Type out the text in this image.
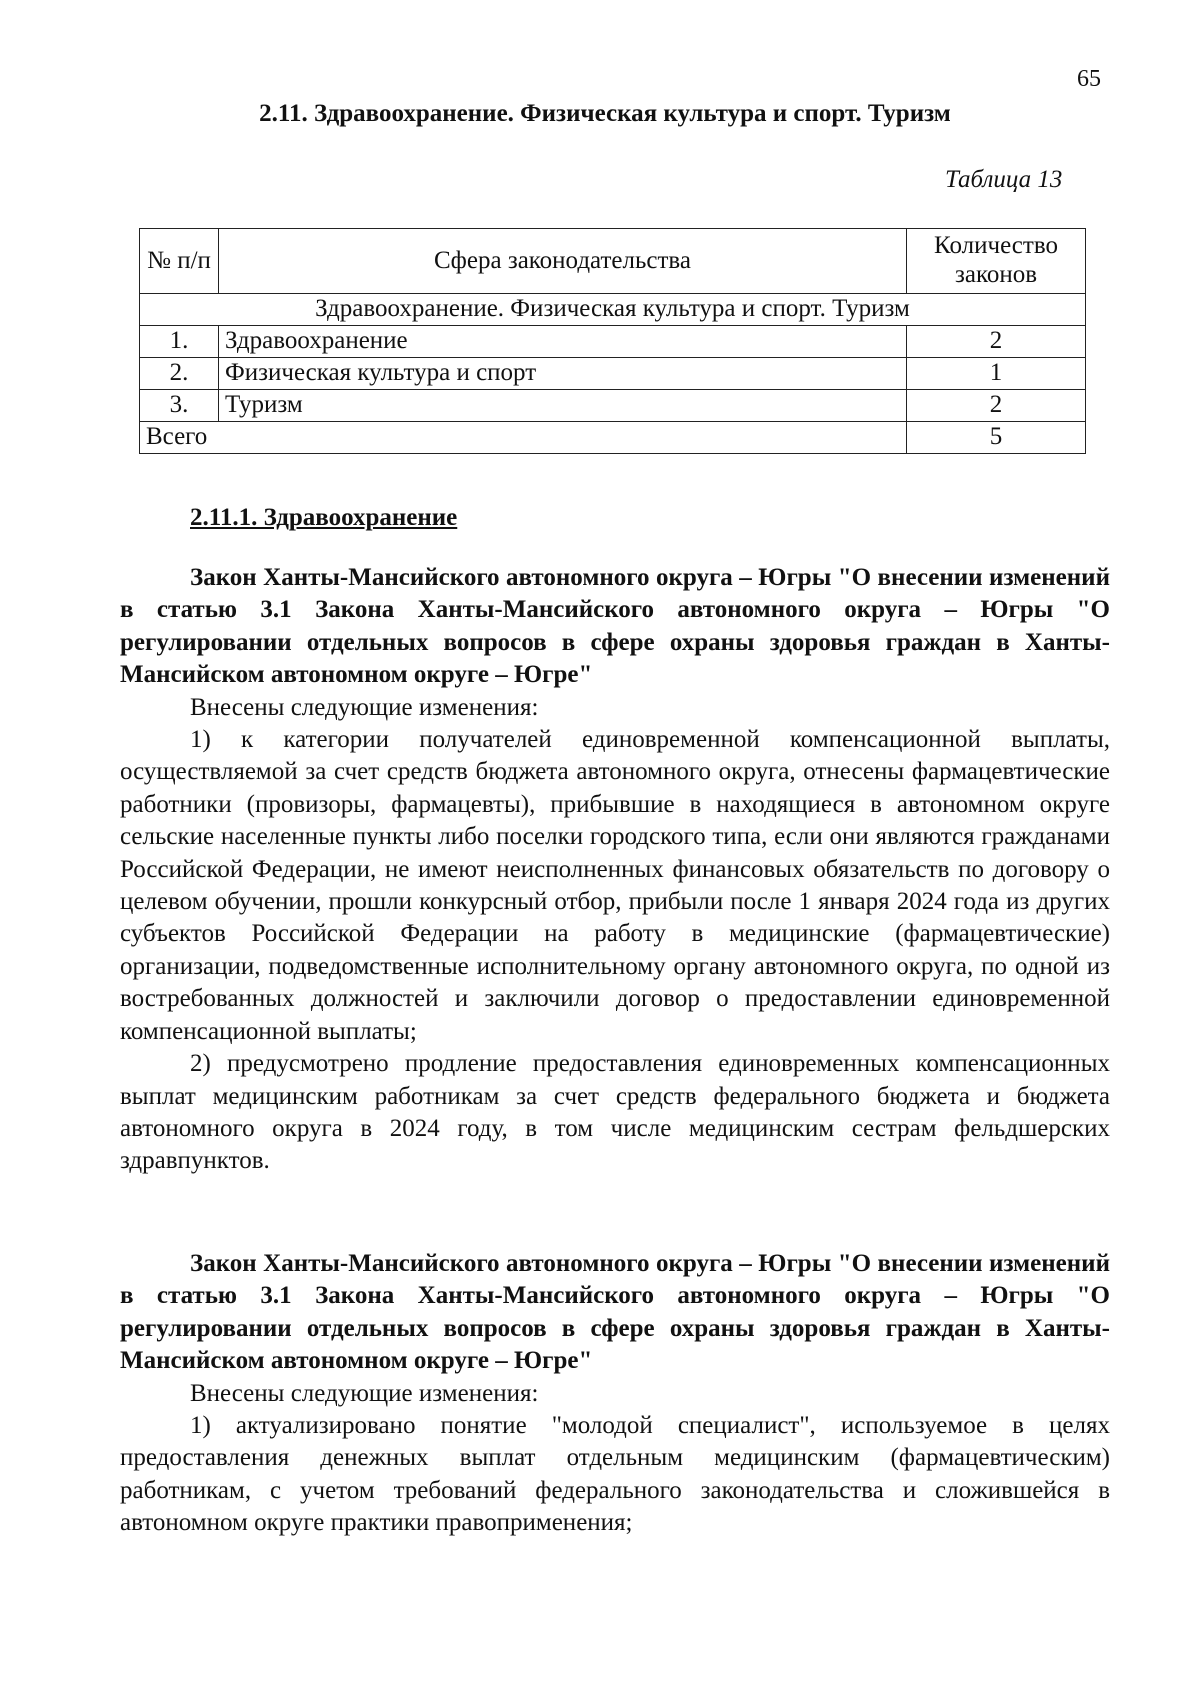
65
2.11. Здравоохранение. Физическая культура и спорт. Туризм
Таблица 13
№ п/п	Сфера законодательства	Количество законов
Здравоохранение. Физическая культура и спорт. Туризм		
1.	Здравоохранение	2
2.	Физическая культура и спорт	1
3.	Туризм	2
Всего		5
2.11.1. Здравоохранение

Закон Ханты-Мансийского автономного округа – Югры "О внесении изменений в статью 3.1 Закона Ханты-Мансийского автономного округа – Югры "О регулировании отдельных вопросов в сфере охраны здоровья граждан в Ханты-Мансийском автономном округе – Югре"

Внесены следующие изменения:

1) к категории получателей единовременной компенсационной выплаты, осуществляемой за счет средств бюджета автономного округа, отнесены фармацевтические работники (провизоры, фармацевты), прибывшие в находящиеся в автономном округе сельские населенные пункты либо поселки городского типа, если они являются гражданами Российской Федерации, не имеют неисполненных финансовых обязательств по договору о целевом обучении, прошли конкурсный отбор, прибыли после 1 января 2024 года из других субъектов Российской Федерации на работу в медицинские (фармацевтические) организации, подведомственные исполнительному органу автономного округа, по одной из востребованных должностей и заключили договор о предоставлении единовременной компенсационной выплаты;

2) предусмотрено продление предоставления единовременных компенсационных выплат медицинским работникам за счет средств федерального бюджета и бюджета автономного округа в 2024 году, в том числе медицинским сестрам фельдшерских здравпунктов.

Закон Ханты-Мансийского автономного округа – Югры "О внесении изменений в статью 3.1 Закона Ханты-Мансийского автономного округа – Югры "О регулировании отдельных вопросов в сфере охраны здоровья граждан в Ханты-Мансийском автономном округе – Югре"

Внесены следующие изменения:

1) актуализировано понятие "молодой специалист", используемое в целях предоставления денежных выплат отдельным медицинским (фармацевтическим) работникам, с учетом требований федерального законодательства и сложившейся в автономном округе практики правоприменения;
